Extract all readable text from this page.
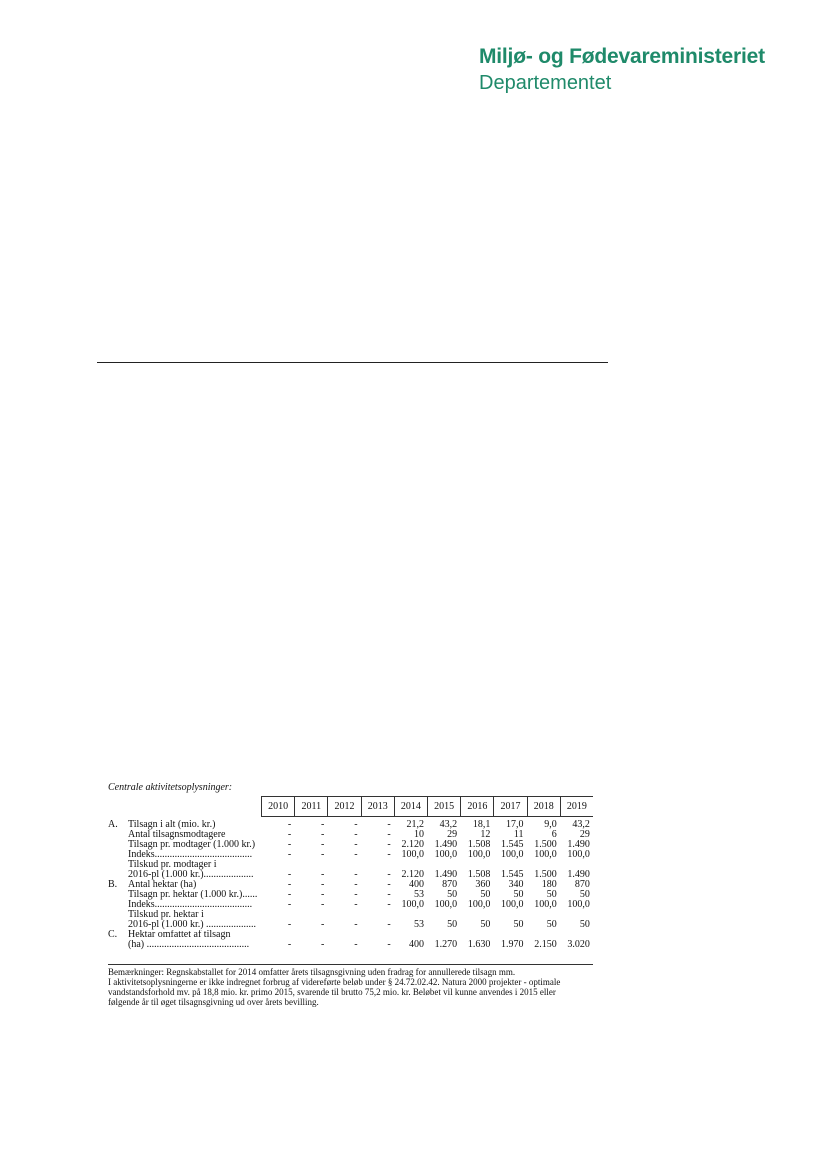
Miljø- og Fødevareministeriet
Departementet
Centrale aktivitetsoplysninger:
2010	2011	2012	2013	2014	2015	2016	2017	2018	2019
A.	Tilsagn i alt (mio. kr.)	-	-	-	-	21,2	43,2	18,1	17,0	9,0	43,2
Antal tilsagnsmodtagere	-	-	-	-	10	29	12	11	6	29
Tilsagn pr. modtager (1.000 kr.)	-	-	-	-	2.120	1.490	1.508	1.545	1.500	1.490
Indeks.......................................	-	-	-	-	100,0	100,0	100,0	100,0	100,0	100,0
Tilskud pr. modtager i
2016-pl (1.000 kr.)....................	-	-	-	-	2.120	1.490	1.508	1.545	1.500	1.490
B.	Antal hektar (ha)	-	-	-	-	400	870	360	340	180	870
Tilsagn pr. hektar (1.000 kr.)......	-	-	-	-	53	50	50	50	50	50
Indeks.......................................	-	-	-	-	100,0	100,0	100,0	100,0	100,0	100,0
Tilskud pr. hektar i
2016-pl (1.000 kr.) ....................	-	-	-	-	53	50	50	50	50	50
C.	Hektar omfattet af tilsagn
(ha) .........................................	-	-	-	-	400	1.270	1.630	1.970	2.150	3.020
Bemærkninger: Regnskabstallet for 2014 omfatter årets tilsagnsgivning uden fradrag for annullerede tilsagn mm.
I aktivitetsoplysningerne er ikke indregnet forbrug af videreførte beløb under § 24.72.02.42. Natura 2000 projekter - optimale
vandstandsforhold mv. på 18,8 mio. kr. primo 2015, svarende til brutto 75,2 mio. kr. Beløbet vil kunne anvendes i 2015 eller
følgende år til øget tilsagnsgivning ud over årets bevilling.
